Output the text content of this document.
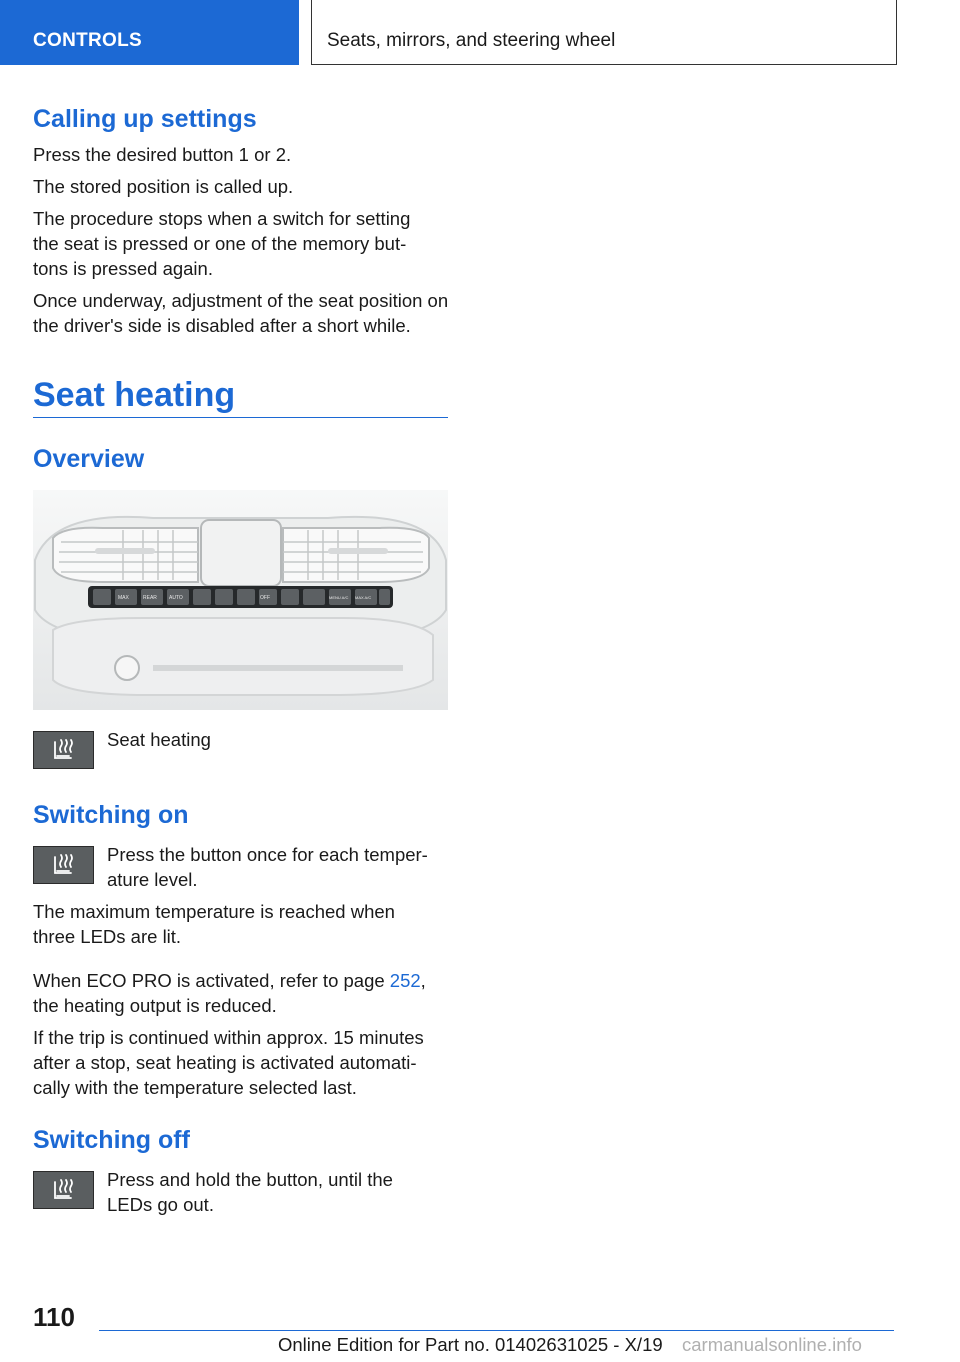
CONTROLS	Seats, mirrors, and steering wheel
Calling up settings

Press the desired button 1 or 2.

The stored position is called up.

The procedure stops when a switch for setting the seat is pressed or one of the memory but-tons is pressed again.

Once underway, adjustment of the seat position on the driver's side is disabled after a short while.

Seat heating
Overview
MAX	REAR AUTO	OFF	MENU A/C MAX A/C

Seat heating

Switching on

Press the button once for each temper-ature level.

The maximum temperature is reached when three LEDs are lit.

When ECO PRO is activated, refer to page 252,

the heating output is reduced.

If the trip is continued within approx. 15 minutes after a stop, seat heating is activated automati-cally with the temperature selected last.

Switching off

Press and hold the button, until the LEDs go out.

110
Online Edition for Part no. 01402631025 - X/19 carmanualsonline.info
